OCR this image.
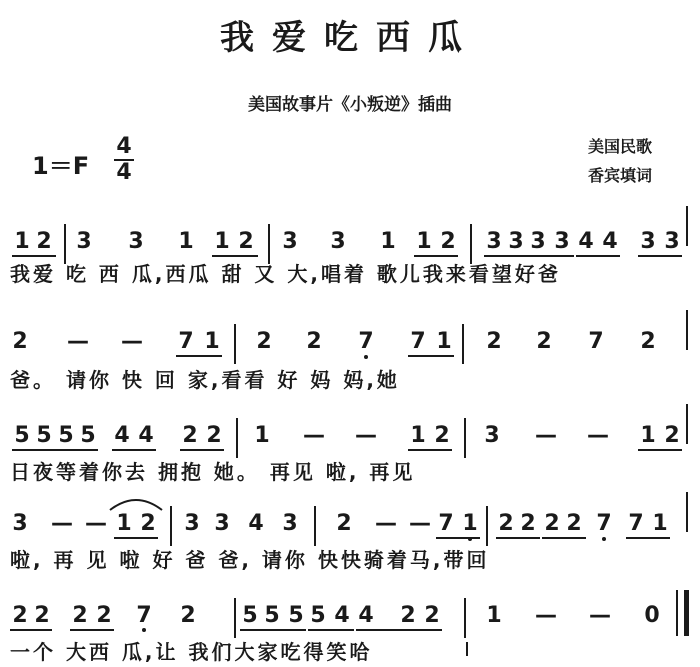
我爱吃西瓜
美国故事片《小叛逆》插曲
1＝F
4
4
美国民歌
香宾填词
1 2 3 3 1 1 2 3 3 1 1 2 3 3 3 3 4 4 3 3
我爱 吃 西 瓜,西瓜 甜 又 大,唱着 歌儿我来看望好爸
2 — — 7 1 2 2 7 7 1 2 2 7 2
爸。 请你 快 回 家,看看 好 妈 妈,她
5 5 5 5 4 4 2 2 1 — — 1 2 3 — — 1 2
日夜等着你去 拥抱 她。 再见 啦, 再见
3 — — 1 2 3 3 4 3 2 — — 7 1 2 2 2 2 7 7 1
啦, 再 见 啦 好 爸 爸, 请你 快快骑着马,带回
2 2 2 2 7 2 5 5 5 5 4 4 2 2 1 — — 0
一个 大西 瓜,让 我们大家吃得笑哈
